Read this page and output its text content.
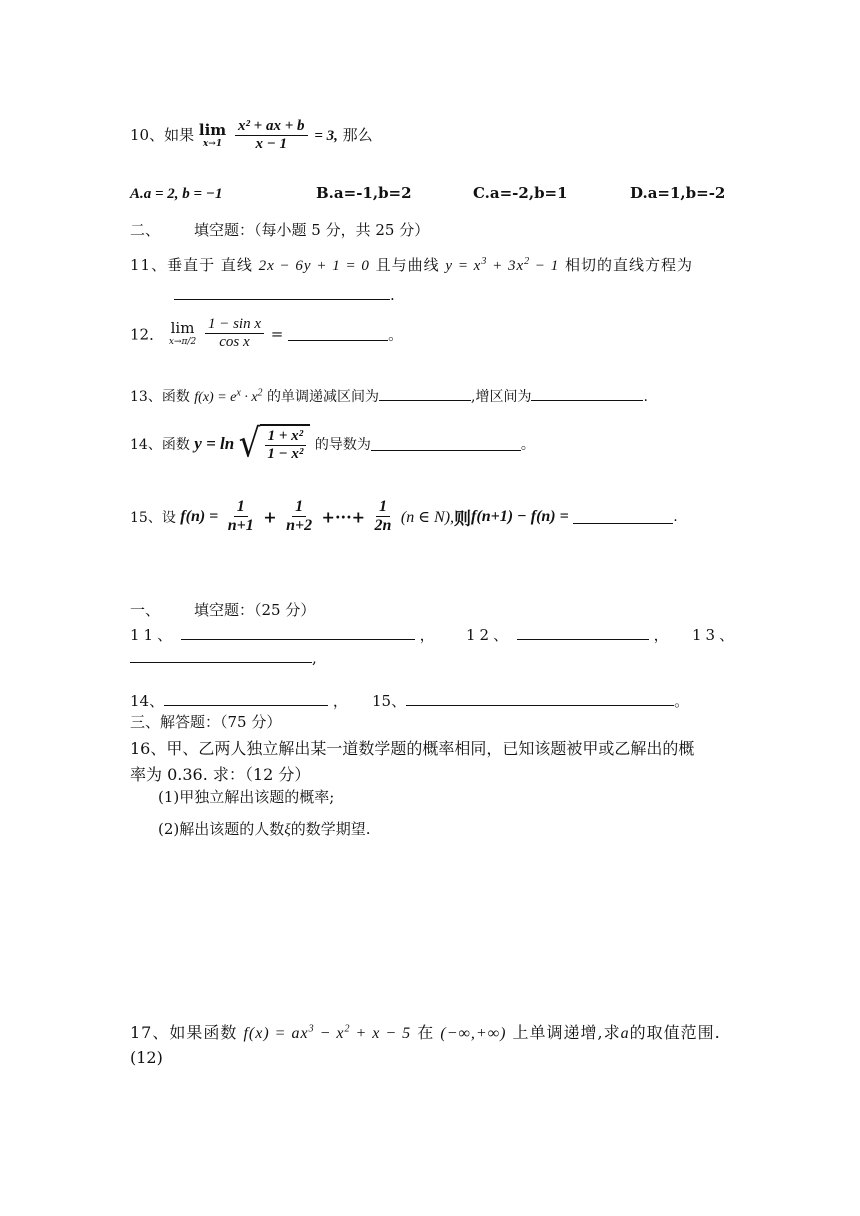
10、如果 lim
x→1
$\frac{\text{x² + ax + b}}{x - 1} = 3$, 那么
A.a = 2, b = −1	B.a=-1,b=2	C.a=-2,b=1	D.a=1,b=-2
二、 填空题：（每小题 5 分，共 25 分）
11、垂直于 直线 2x − 6y + 1 = 0 且与曲线 $y = x^3 + 3x^2 - 1$ 相切的直线方程为
.
12． lim
x→π/2
$\frac{\text{1 − sin x}}{\text{cos x}}$ =	。
13、函数 $f(x) = e^x \cdot x^2$ 的单调递减区间为	,增区间为	.
14、函数 y = ln √ $\frac{\text{1 + x²}}{\text{1 − x²}}$ 的导数为	。
15、设 $f(n) = \frac{1}{n+1} + \frac{1}{n+2}$ +···+ $\frac{1}{2n} (n$ ∈ N),则f(n+1) − f(n) =	.
一、 填空题：（25 分）
11、	， 12、	， 13、
,
14、	， 15、	。
三、解答题：（75 分）
16、甲、乙两人独立解出某一道数学题的概率相同，已知该题被甲或乙解出的概
率为 0.36. 求：（12 分）
(1)甲独立解出该题的概率;
(2)解出该题的人数ξ的数学期望.
17、如果函数 $f(x) = ax^3 - x^2 + x - 5$ 在 (−∞,+∞) 上单调递增,求a的取值范围.
(12)
